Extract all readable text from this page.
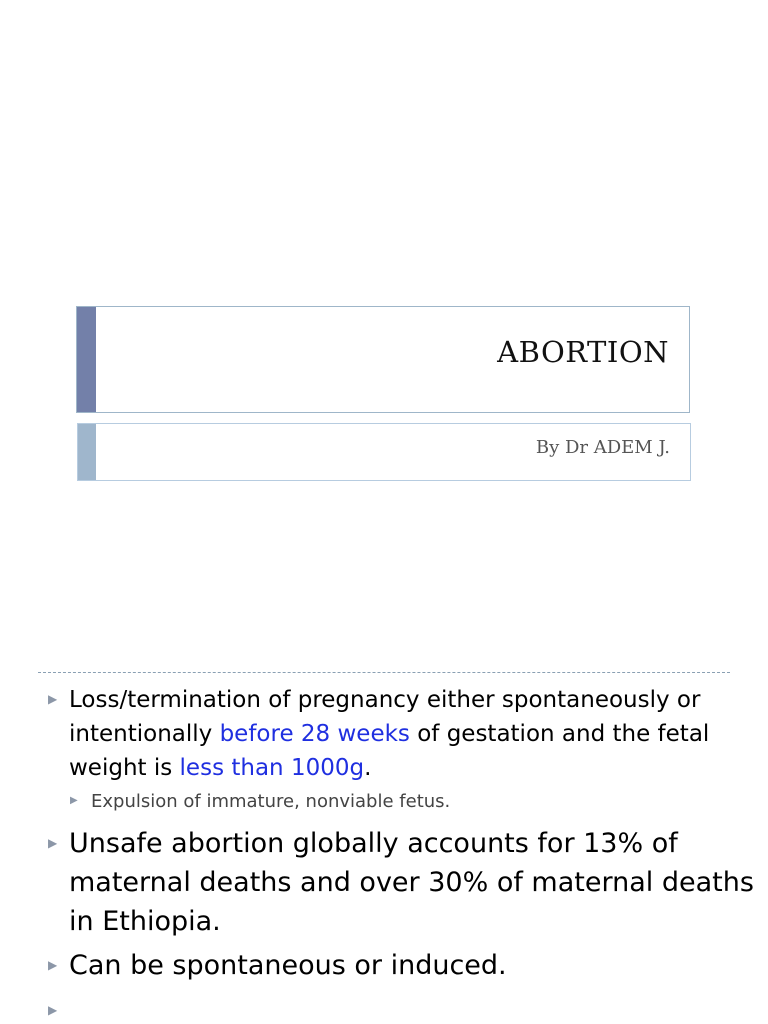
ABORTION
By Dr ADEM J.
▶ Loss/termination of pregnancy either spontaneously or
intentionally before 28 weeks of gestation and the fetal
weight is less than 1000g.
▶ Expulsion of immature, nonviable fetus.
▶ Unsafe abortion globally accounts for 13% of
maternal deaths and over 30% of maternal deaths
in Ethiopia.
▶ Can be spontaneous or induced.
▶
